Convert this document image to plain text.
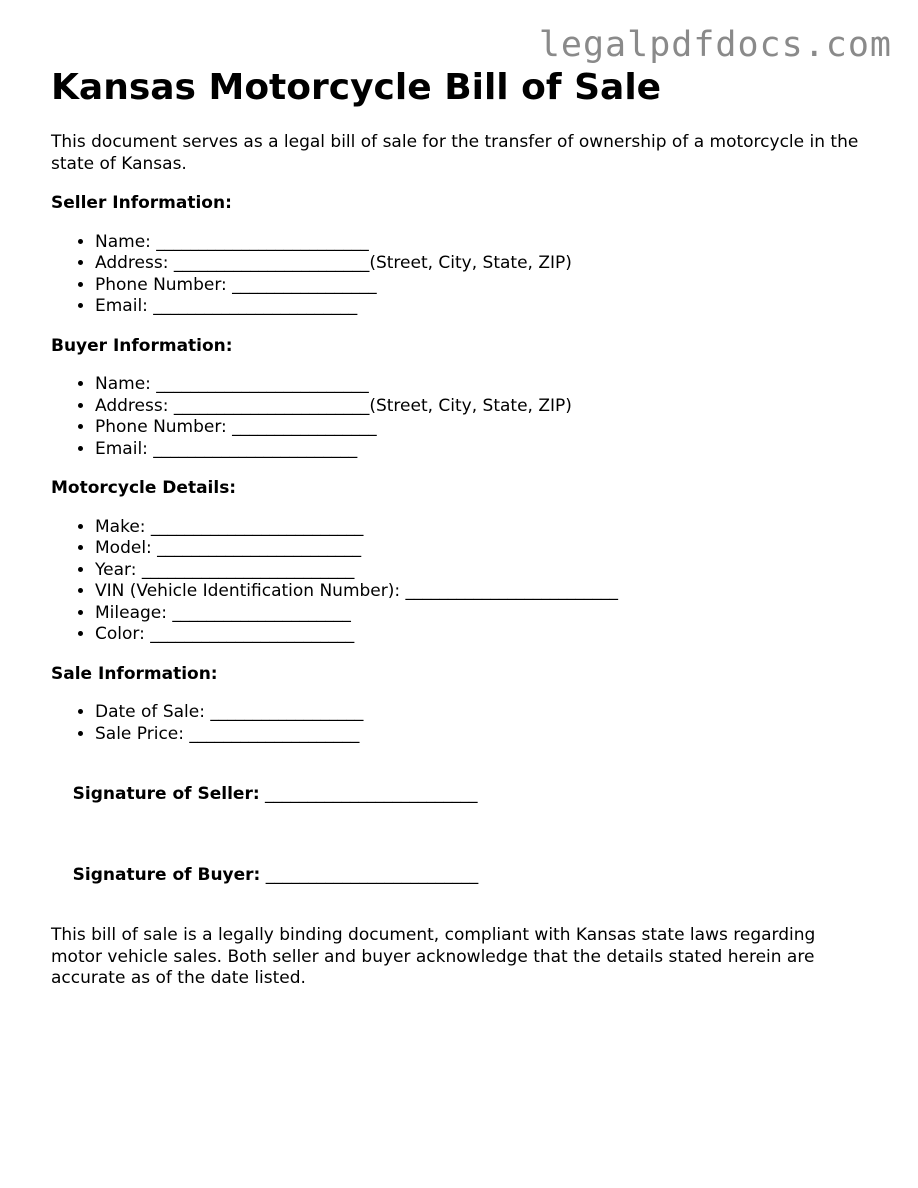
legalpdfdocs.com
Kansas Motorcycle Bill of Sale

This document serves as a legal bill of sale for the transfer of ownership of a motorcycle in the state of Kansas.

Seller Information:
• Name: _________________________
• Address: _______________________(Street, City, State, ZIP)
• Phone Number: _________________
• Email: ________________________
Buyer Information:
• Name: _________________________
• Address: _______________________(Street, City, State, ZIP)
• Phone Number: _________________
• Email: ________________________
Motorcycle Details:
• Make: _________________________
• Model: ________________________
• Year: _________________________
• VIN (Vehicle Identification Number): _________________________
• Mileage: _____________________
• Color: ________________________
Sale Information:
• Date of Sale: __________________
• Sale Price: ____________________

Signature of Seller: _________________________

Signature of Buyer: _________________________

This bill of sale is a legally binding document, compliant with Kansas state laws regarding motor vehicle sales. Both seller and buyer acknowledge that the details stated herein are accurate as of the date listed.
